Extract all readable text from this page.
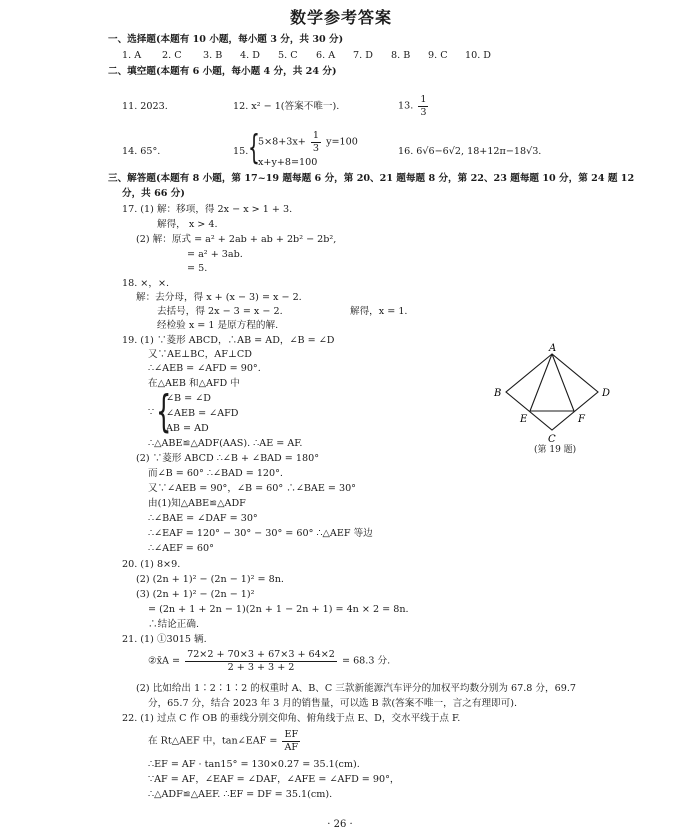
数学参考答案
一、选择题(本题有 10 小题，每小题 3 分，共 30 分)
1. A 2. C 3. B 4. D 5. C 6. A 7. D 8. B 9. C 10. D
二、填空题(本题有 6 小题，每小题 4 分，共 24 分)
11. 2023.	12. x² − 1(答案不唯一).	13. $\frac{1}{3}$
14. 65°.	15. {
$5\times 8+3x+ \frac{1}{3} y=100$
x+y+8=100
16. 6√6−6√2, 18+12π−18√3.
三、解答题(本题有 8 小题，第 17~19 题每题 6 分，第 20、21 题每题 8 分，第 22、23 题每题 10 分，第 24 题 12
分，共 66 分)
17. (1) 解：移项，得 2x − x > 1 + 3.
解得， x > 4.
(2) 解：原式 = a² + 2ab + ab + 2b² − 2b²,
= a² + 3ab.
= 5.
18. ×，×.
解：去分母，得 x + (x − 3) = x − 2.
去括号，得 2x − 3 = x − 2.	解得，x = 1.
经检验 x = 1 是原方程的解.
19. (1) ∵菱形 ABCD，∴AB = AD，∠B = ∠D
又∵AE⊥BC，AF⊥CD
∴∠AEB = ∠AFD = 90°.
在△AEB 和△AFD 中
∵ {
∠B = ∠D
∠AEB = ∠AFD
AB = AD
∴△ABE≌△ADF(AAS). ∴AE = AF.
(2) ∵菱形 ABCD ∴∠B + ∠BAD = 180°
而∠B = 60° ∴∠BAD = 120°.
又∵∠AEB = 90°，∠B = 60° ∴∠BAE = 30°
由(1)知△ABE≌△ADF
∴∠BAE = ∠DAF = 30°
∴∠EAF = 120° − 30° − 30° = 60° ∴△AEF 等边
∴∠AEF = 60°
A
B
C
D
E	F
(第 19 题)
20. (1) 8×9.
(2) (2n + 1)² − (2n − 1)² = 8n.
(3) (2n + 1)² − (2n − 1)²
= (2n + 1 + 2n − 1)(2n + 1 − 2n + 1) = 4n × 2 = 8n.
∴结论正确.
21. (1) ①3015 辆.
②x̄A = $\frac{72\times 2 + 70\times 3 + 67\times 3 + 64\times 2}{2 + 3 + 3 + 2} = 68.3$ 分.
(2) 比如给出 1∶2∶1∶2 的权重时 A、B、C 三款新能源汽车评分的加权平均数分别为 67.8 分，69.7
分，65.7 分，结合 2023 年 3 月的销售量，可以选 B 款(答案不唯一，言之有理即可).
22. (1) 过点 C 作 OB 的垂线分别交仰角、俯角线于点 E、D，交水平线于点 F.
在 Rt△AEF 中，tan∠EAF = $\frac{EF}{AF}$
∴EF = AF · tan15° = 130×0.27 = 35.1(cm).
∵AF = AF，∠EAF = ∠DAF，∠AFE = ∠AFD = 90°，
∴△ADF≌△AEF. ∴EF = DF = 35.1(cm).
· 26 ·
